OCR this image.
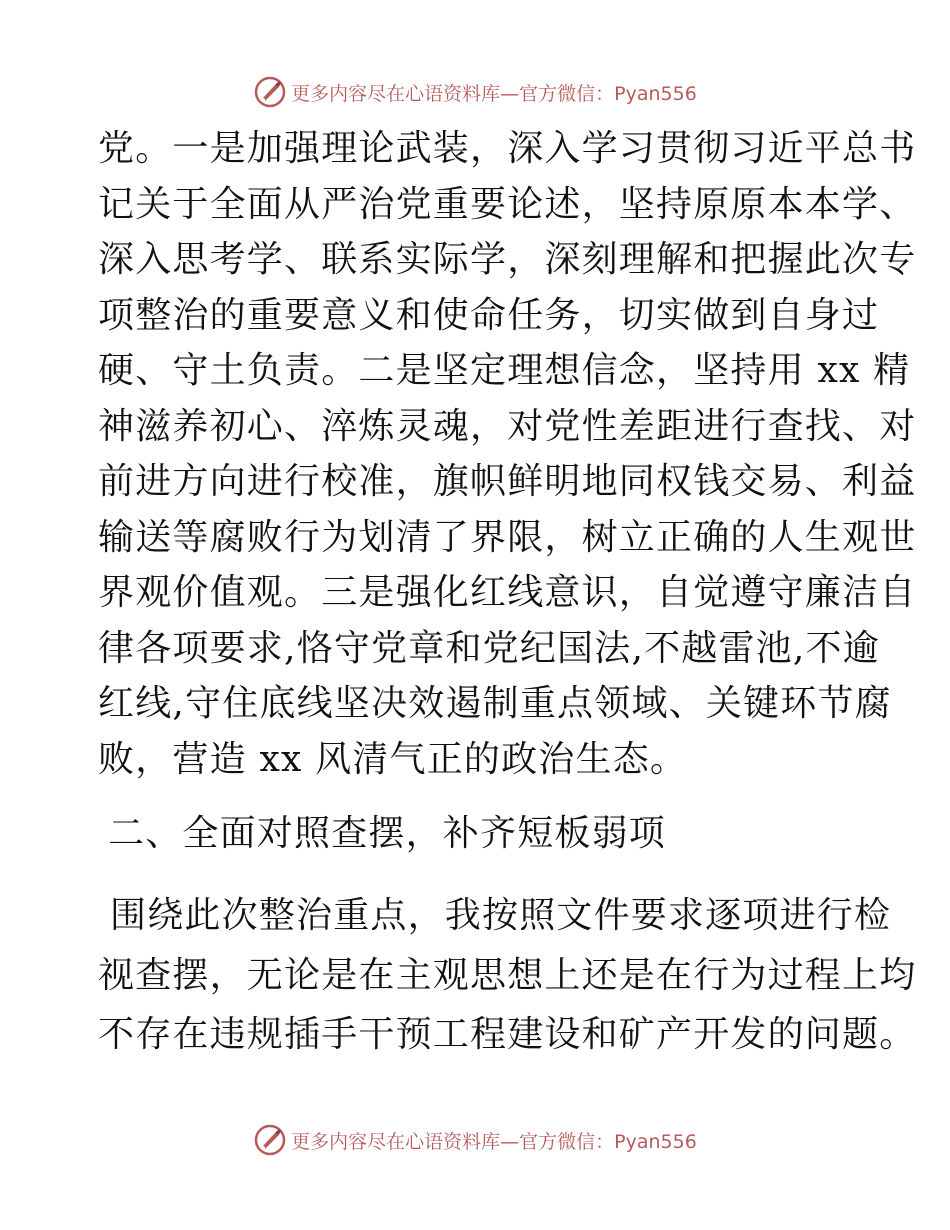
更多内容尽在心语资料库—官方微信：Pyan556
党。一是加强理论武装，深入学习贯彻习近平总书
记关于全面从严治党重要论述，坚持原原本本学、
深入思考学、联系实际学，深刻理解和把握此次专
项整治的重要意义和使命任务，切实做到自身过
硬、守土负责。二是坚定理想信念，坚持用 xx 精
神滋养初心、淬炼灵魂，对党性差距进行查找、对
前进方向进行校准，旗帜鲜明地同权钱交易、利益
输送等腐败行为划清了界限，树立正确的人生观世
界观价值观。三是强化红线意识，自觉遵守廉洁自
律各项要求,恪守党章和党纪国法,不越雷池,不逾
红线,守住底线坚决效遏制重点领域、关键环节腐
败，营造 xx 风清气正的政治生态。
二、全面对照查摆，补齐短板弱项
围绕此次整治重点，我按照文件要求逐项进行检
视查摆，无论是在主观思想上还是在行为过程上均
不存在违规插手干预工程建设和矿产开发的问题。
更多内容尽在心语资料库—官方微信：Pyan556
